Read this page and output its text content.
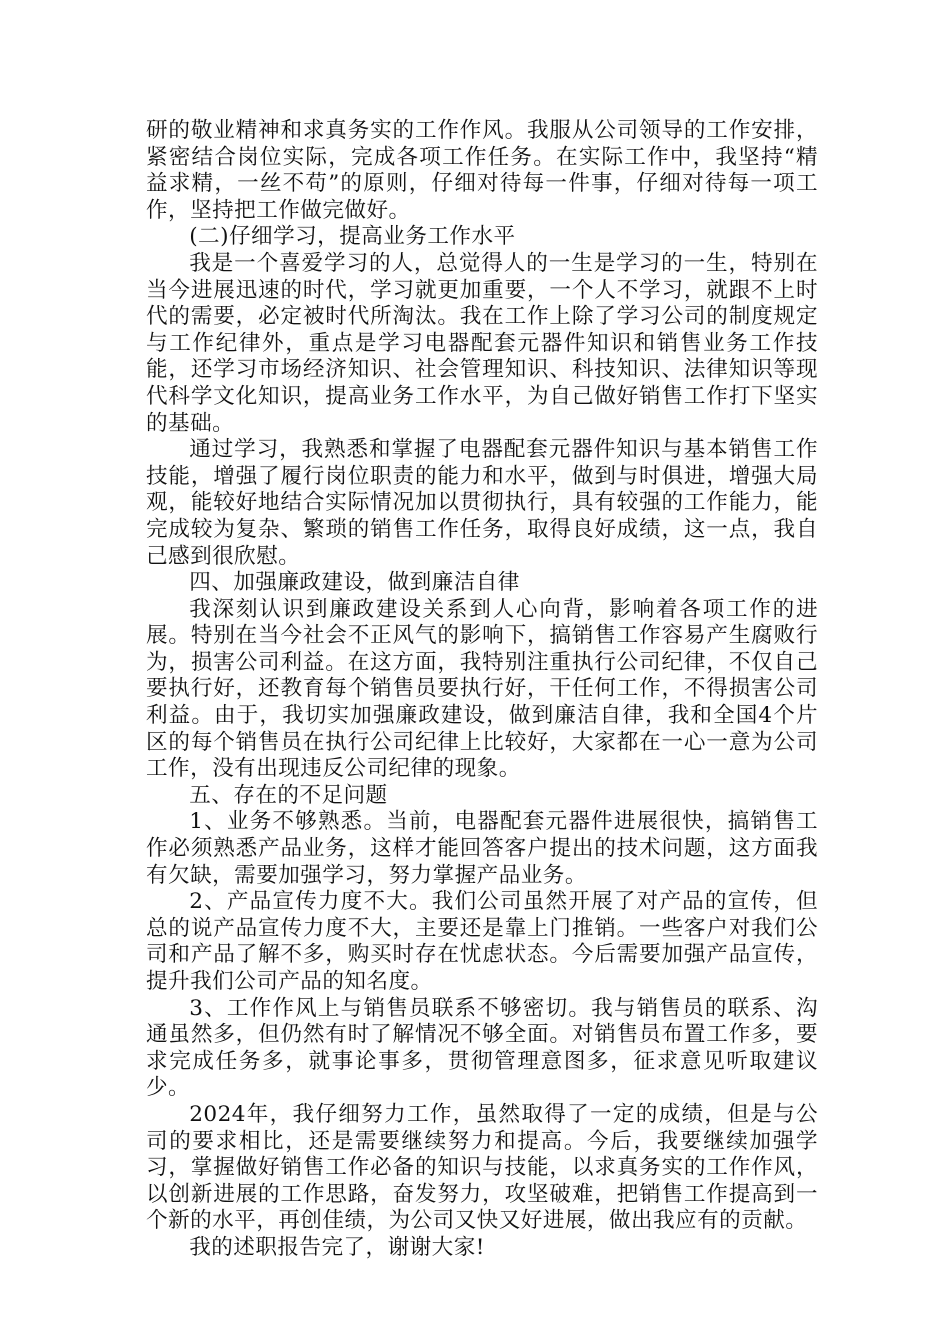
研的敬业精神和求真务实的工作作风。我服从公司领导的工作安排，紧密结合岗位实际，完成各项工作任务。在实际工作中，我坚持“精益求精，一丝不苟”的原则，仔细对待每一件事，仔细对待每一项工作，坚持把工作做完做好。

(二)仔细学习，提高业务工作水平

我是一个喜爱学习的人，总觉得人的一生是学习的一生，特别在当今进展迅速的时代，学习就更加重要，一个人不学习，就跟不上时代的需要，必定被时代所淘汰。我在工作上除了学习公司的制度规定与工作纪律外，重点是学习电器配套元器件知识和销售业务工作技能，还学习市场经济知识、社会管理知识、科技知识、法律知识等现代科学文化知识，提高业务工作水平，为自己做好销售工作打下坚实的基础。

通过学习，我熟悉和掌握了电器配套元器件知识与基本销售工作技能，增强了履行岗位职责的能力和水平，做到与时俱进，增强大局观，能较好地结合实际情况加以贯彻执行，具有较强的工作能力，能完成较为复杂、繁琐的销售工作任务，取得良好成绩，这一点，我自己感到很欣慰。

四、加强廉政建设，做到廉洁自律

我深刻认识到廉政建设关系到人心向背，影响着各项工作的进展。特别在当今社会不正风气的影响下，搞销售工作容易产生腐败行为，损害公司利益。在这方面，我特别注重执行公司纪律，不仅自己要执行好，还教育每个销售员要执行好，干任何工作，不得损害公司利益。由于，我切实加强廉政建设，做到廉洁自律，我和全国4个片区的每个销售员在执行公司纪律上比较好，大家都在一心一意为公司工作，没有出现违反公司纪律的现象。

五、存在的不足问题

1、业务不够熟悉。当前，电器配套元器件进展很快，搞销售工作必须熟悉产品业务，这样才能回答客户提出的技术问题，这方面我有欠缺，需要加强学习，努力掌握产品业务。

2、产品宣传力度不大。我们公司虽然开展了对产品的宣传，但总的说产品宣传力度不大，主要还是靠上门推销。一些客户对我们公司和产品了解不多，购买时存在忧虑状态。今后需要加强产品宣传，提升我们公司产品的知名度。

3、工作作风上与销售员联系不够密切。我与销售员的联系、沟通虽然多，但仍然有时了解情况不够全面。对销售员布置工作多，要求完成任务多，就事论事多，贯彻管理意图多，征求意见听取建议少。

2024年，我仔细努力工作，虽然取得了一定的成绩，但是与公司的要求相比，还是需要继续努力和提高。今后，我要继续加强学习，掌握做好销售工作必备的知识与技能，以求真务实的工作作风，以创新进展的工作思路，奋发努力，攻坚破难，把销售工作提高到一个新的水平，再创佳绩，为公司又快又好进展，做出我应有的贡献。

我的述职报告完了，谢谢大家!
